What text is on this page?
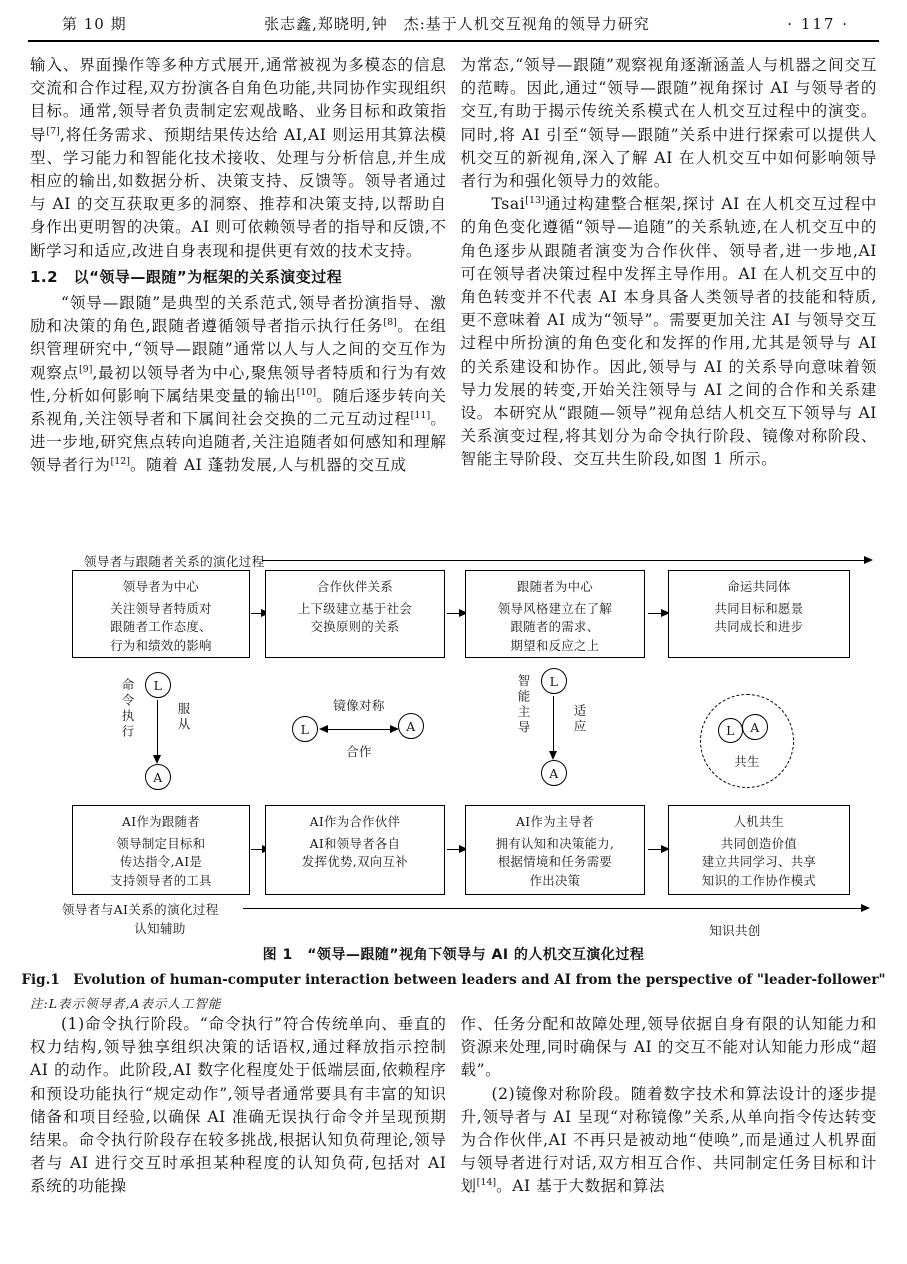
第 10 期	张志鑫,郑晓明,钟　杰:基于人机交互视角的领导力研究	· 117 ·

输入、界面操作等多种方式展开,通常被视为多模态的信息交流和合作过程,双方扮演各自角色功能,共同协作实现组织目标。通常,领导者负责制定宏观战略、业务目标和政策指导[7],将任务需求、预期结果传达给 AI,AI 则运用其算法模型、学习能力和智能化技术接收、处理与分析信息,并生成相应的输出,如数据分析、决策支持、反馈等。领导者通过与 AI 的交互获取更多的洞察、推荐和决策支持,以帮助自身作出更明智的决策。AI 则可依赖领导者的指导和反馈,不断学习和适应,改进自身表现和提供更有效的技术支持。

1.2　以“领导—跟随”为框架的关系演变过程

“领导—跟随”是典型的关系范式,领导者扮演指导、激励和决策的角色,跟随者遵循领导者指示执行任务[8]。在组织管理研究中,“领导—跟随”通常以人与人之间的交互作为观察点[9],最初以领导者为中心,聚焦领导者特质和行为有效性,分析如何影响下属结果变量的输出[10]。随后逐步转向关系视角,关注领导者和下属间社会交换的二元互动过程[11]。进一步地,研究焦点转向追随者,关注追随者如何感知和理解领导者行为[12]。随着 AI 蓬勃发展,人与机器的交互成

为常态,“领导—跟随”观察视角逐渐涵盖人与机器之间交互的范畴。因此,通过“领导—跟随”视角探讨 AI 与领导者的交互,有助于揭示传统关系模式在人机交互过程中的演变。同时,将 AI 引至“领导—跟随”关系中进行探索可以提供人机交互的新视角,深入了解 AI 在人机交互中如何影响领导者行为和强化领导力的效能。

Tsai[13]通过构建整合框架,探讨 AI 在人机交互过程中的角色变化遵循“领导—追随”的关系轨迹,在人机交互中的角色逐步从跟随者演变为合作伙伴、领导者,进一步地,AI 可在领导者决策过程中发挥主导作用。AI 在人机交互中的角色转变并不代表 AI 本身具备人类领导者的技能和特质,更不意味着 AI 成为“领导”。需要更加关注 AI 与领导交互过程中所扮演的角色变化和发挥的作用,尤其是领导与 AI 的关系建设和协作。因此,领导与 AI 的关系导向意味着领导力发展的转变,开始关注领导与 AI 之间的合作和关系建设。本研究从“跟随—领导”视角总结人机交互下领导与 AI 关系演变过程,将其划分为命令执行阶段、镜像对称阶段、智能主导阶段、交互共生阶段,如图 1 所示。

领导者与跟随者关系的演化过程
领导者为中心
关注领导者特质对
跟随者工作态度、
行为和绩效的影响
合作伙伴关系
上下级建立基于社会
交换原则的关系
跟随者为中心
领导风格建立在了解
跟随者的需求、
期望和反应之上
命运共同体
共同目标和愿景
共同成长和进步
L
A
命令执行	服从	镜像对称
L	A
合作
L
A
智能主导	适应	L	A
共生
AI作为跟随者
领导制定目标和
传达指令,AI是
支持领导者的工具
AI作为合作伙伴
AI和领导者各自
发挥优势,双向互补
AI作为主导者
拥有认知和决策能力,
根据情境和任务需要
作出决策
人机共生
共同创造价值
建立共同学习、共享
知识的工作协作模式
领导者与AI关系的演化过程
认知辅助	知识共创
图 1　“领导—跟随”视角下领导与 AI 的人机交互演化过程
Fig.1　Evolution of human-computer interaction between leaders and AI from the perspective of "leader-follower"
注:L表示领导者,A表示人工智能

(1)命令执行阶段。“命令执行”符合传统单向、垂直的权力结构,领导独享组织决策的话语权,通过释放指示控制 AI 的动作。此阶段,AI 数字化程度处于低端层面,依赖程序和预设功能执行“规定动作”,领导者通常要具有丰富的知识储备和项目经验,以确保 AI 准确无误执行命令并呈现预期结果。命令执行阶段存在较多挑战,根据认知负荷理论,领导者与 AI 进行交互时承担某种程度的认知负荷,包括对 AI 系统的功能操

作、任务分配和故障处理,领导依据自身有限的认知能力和资源来处理,同时确保与 AI 的交互不能对认知能力形成“超载”。

(2)镜像对称阶段。随着数字技术和算法设计的逐步提升,领导者与 AI 呈现“对称镜像”关系,从单向指令传达转变为合作伙伴,AI 不再只是被动地“使唤”,而是通过人机界面与领导者进行对话,双方相互合作、共同制定任务目标和计划[14]。AI 基于大数据和算法
